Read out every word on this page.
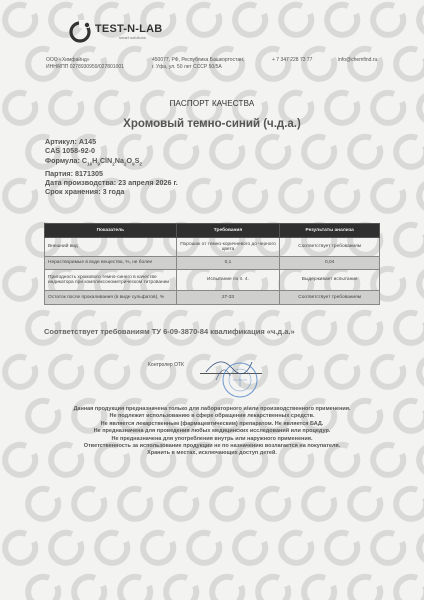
TEST-N-LAB
smart solutions
ООО «Химфайнд»
ИНН/КПП 0278930959/027801001
450077, РФ, Республика Башкортостан,
г. Уфа, ул. 50 лет СССР 50/5А
+ 7 347 228 73 77	info@chemfind.ru
ПАСПОРТ КАЧЕСТВА
Хромовый темно-синий (ч.д.а.)
Артикул: A145
CAS 1058-92-0
Формула: $C_{16}H_9ClN_2Na_2O_9S_2$
Партия: 8171305
Дата производства: 23 апреля 2026 г.
Срок хранения: 3 года
Показатель	Требования	Результаты анализа
Внешний вид	Порошок от темно-коричневого до черного цвета	Соответствует требованиям
Нерастворимые в воде вещества, %, не более	0,1	0,04
Пригодность хромового темно-синего в качестве индикатора при комплексонометрическом титровании	Испытание по п. 4.	Выдерживает испытания
Остаток после прокаливания (в виде сульфатов), %	27-33	Соответствует требованиям
Соответствует требованиям ТУ 6-09-3870-84 квалификация «ч.д.а.»
Контролер ОТК
Данная продукция предназначена только для лабораторного и/или производственного применения.
Не подлежит использованию в сфере обращения лекарственных средств.
Не является лекарственным (фармацевтическим) препаратом. Не является БАД.
Не предназначена для проведения любых медицинских исследований или процедур.
Не предназначена для употребления внутрь или наружного применения.
Ответственность за использование продукции не по назначению возлагается на покупателя.
Хранить в местах, исключающих доступ детей.
